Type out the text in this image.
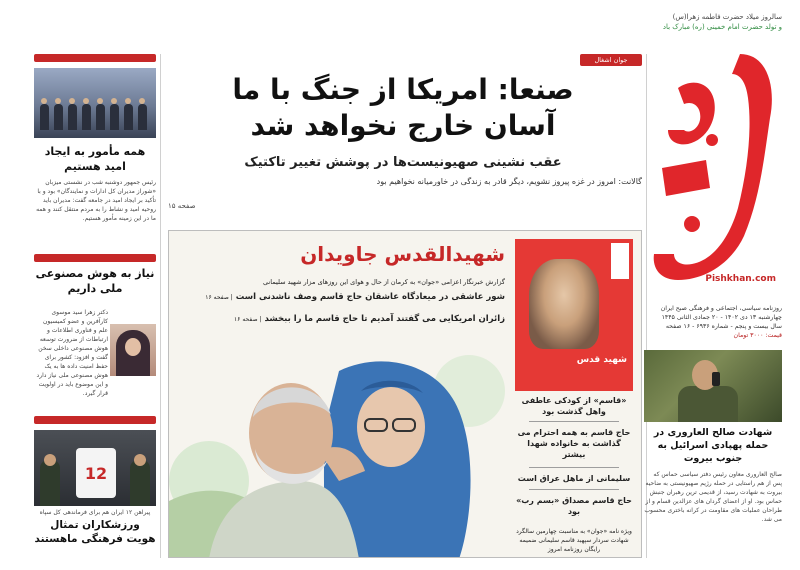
سالروز میلاد حضرت فاطمه زهرا(س)
و تولد حضرت امام خمینی (ره) مبارک باد
Pishkhan.com
روزنامه سیاسی، اجتماعی و فرهنگی صبح ایران
چهارشنبه ۱۳ دی ۱۴۰۲ - ۲۰ جمادی الثانی ۱۴۴۵
سال بیست و پنجم - شماره ۶۹۳۶ - ۱۶ صفحه
قیمت: ۳۰۰۰ تومان
شهادت صالح العاروری در حمله پهپادی اسرائیل به جنوب بیروت
صالح العاروری معاون رئیس دفتر سیاسی حماس که پس از هم راستایی در حمله رژیم صهیونیستی به ضاحیه بیروت به شهادت رسید، از قدیمی ترین رهبران جنبش حماس بود. او از اعضای گردان های عزالدین قسام و از طراحان عملیات های مقاومت در کرانه باختری محسوب می شد.
همه مأمور به ایجاد امید هستیم
رئیس جمهور دوشنبه شب در نشستی میزبان «شوراز مدیران کل ادارات و نمایندگان» بود و با تأکید بر ایجاد امید در جامعه گفت: مدیران باید روحیه امید و نشاط را به مردم منتقل کنند و همه ما در این زمینه مأمور هستیم.
نیاز به هوش مصنوعی ملی داریم
دکتر زهرا سید موسوی کارآفرین و عضو کمیسیون علم و فناوری اطلاعات و ارتباطات از ضرورت توسعه هوش مصنوعی داخلی سخن گفت و افزود: کشور برای حفظ امنیت داده ها به یک هوش مصنوعی ملی نیاز دارد و این موضوع باید در اولویت قرار گیرد.
12
پیراهن ۱۲ ایران هم برای فرماندهی کل سپاه
ورزشکاران تمثال هویت فرهنگی ماهستند
جوان اشغال
صنعا: امریکا از جنگ با ما
آسان خارج نخواهد شد
عقب نشینی صهیونیست‌ها در پوشش تغییر تاکتیک
گالانت: امروز در غزه پیروز نشویم، دیگر قادر به زندگی در خاورمیانه نخواهیم بود
صفحه ۱۵
شهیدالقدس جاویدان
گزارش خبرنگار اعزامی «جوان» به کرمان از حال و هوای این روزهای مزار شهید سلیمانی
شور عاشقی در میعادگاه عاشقان حاج قاسم وصف ناشدنی است | صفحه ۱۶
زائران امریکایی می گفتند آمدیم تا حاج قاسم ما را ببخشد | صفحه ۱۶
شهید قدس
«قاسم» از کودکی عاطفی واهل گذشت بود
حاج قاسم به همه احترام می گذاشت به خانواده شهدا بیشتر
سلیمانی از ماهل عراق است
حاج قاسم مصداق «بسم رب» بود
ویژه نامه «جوان» به مناسبت چهارمین سالگرد شهادت سردار سپهبد قاسم سلیمانی ضمیمه رایگان روزنامه امروز
